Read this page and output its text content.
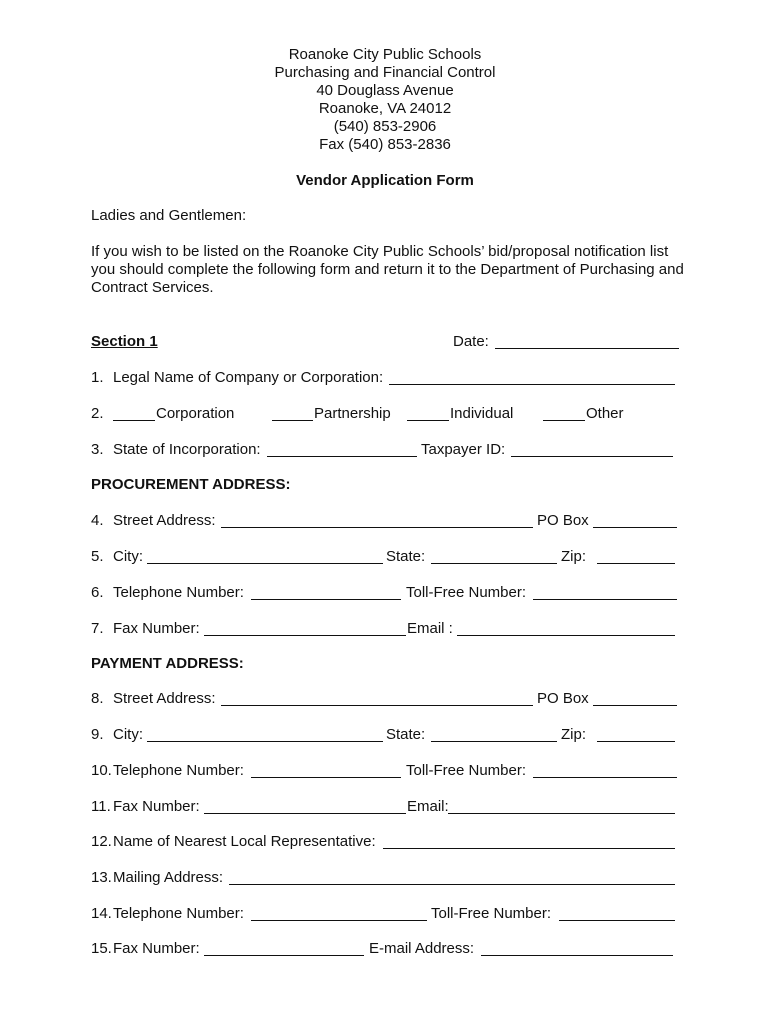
Roanoke City Public Schools
Purchasing and Financial Control
40 Douglass Avenue
Roanoke, VA 24012
(540) 853-2906
Fax (540) 853-2836
Vendor Application Form
Ladies and Gentlemen:
If you wish to be listed on the Roanoke City Public Schools’ bid/proposal notification list you should complete the following form and return it to the Department of Purchasing and Contract Services.
Section 1	Date:
1. Legal Name of Company or Corporation:
2.	Corporation	Partnership	Individual	Other
3. State of Incorporation:	Taxpayer ID:
PROCUREMENT ADDRESS:
4. Street Address:	PO Box
5. City:	State:	Zip:
6. Telephone Number:	Toll-Free Number:
7. Fax Number:	Email :
PAYMENT ADDRESS:
8. Street Address:	PO Box
9. City:	State:	Zip:
10. Telephone Number:	Toll-Free Number:
11. Fax Number:	Email:
12. Name of Nearest Local Representative:
13. Mailing Address:
14. Telephone Number:	Toll-Free Number:
15. Fax Number:	E-mail Address:
